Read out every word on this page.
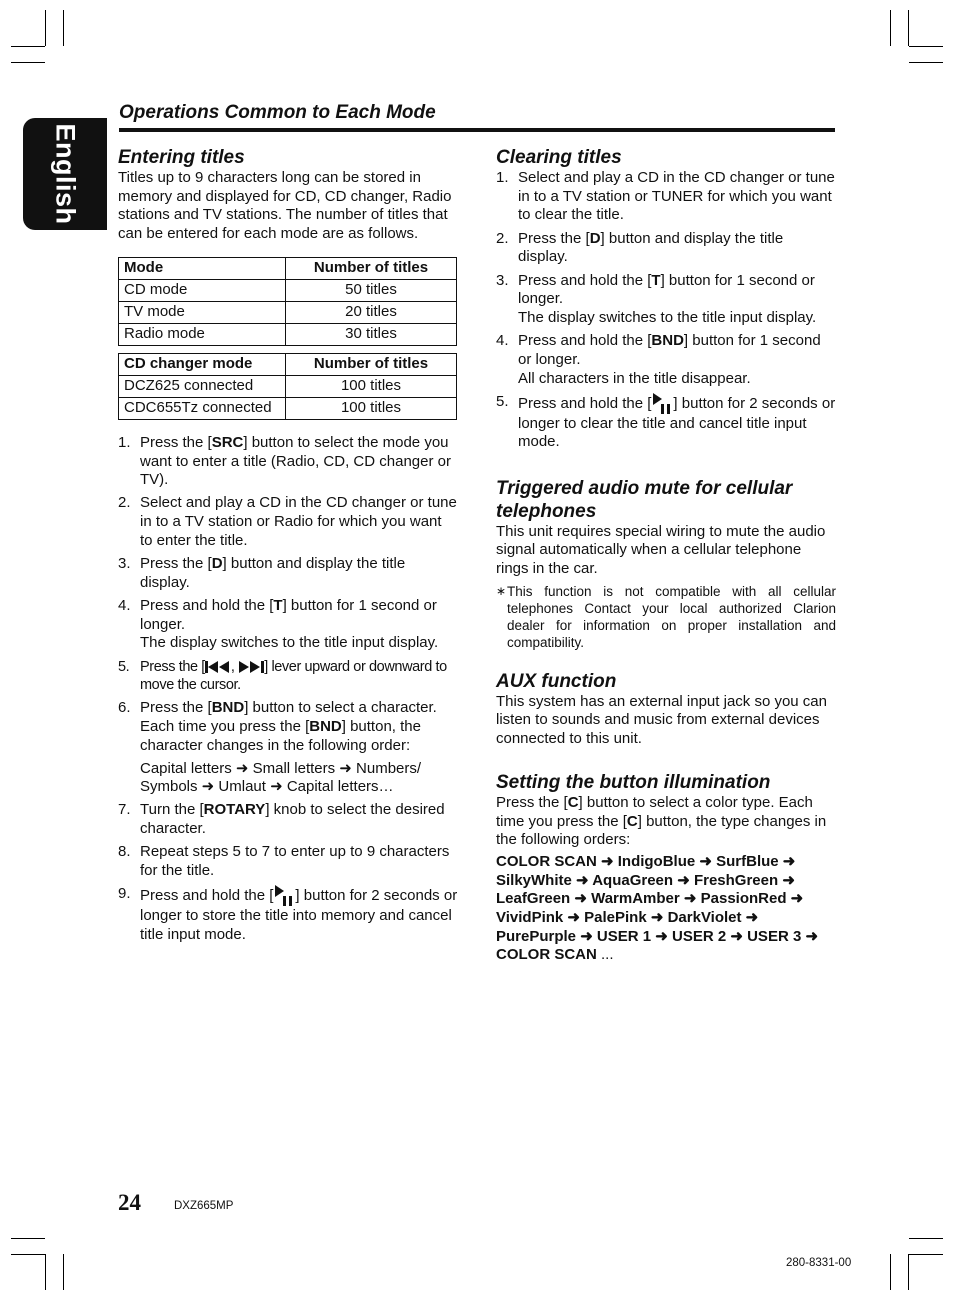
English
Operations Common to Each Mode
Entering titles

Titles up to 9 characters long can be stored in memory and displayed for CD, CD changer, Radio stations and TV stations. The number of titles that can be entered for each mode are as follows.

Mode	Number of titles
CD mode	50 titles
TV mode	20 titles
Radio mode	30 titles
CD changer mode	Number of titles
DCZ625 connected	100 titles
CDC655Tz connected	100 titles
1. Press the [SRC] button to select the mode you want to enter a title (Radio, CD, CD changer or TV).
2. Select and play a CD in the CD changer or tune in to a TV station or Radio for which you want to enter the title.
3. Press the [D] button and display the title display.
4. Press and hold the [T] button for 1 second or longer.
The display switches to the title input display.
5. Press the [ , ] lever upward or downward to move the cursor.
6. Press the [BND] button to select a character. Each time you press the [BND] button, the character changes in the following order:
Capital letters ➜ Small letters ➜ Numbers/ Symbols ➜ Umlaut ➜ Capital letters…
7. Turn the [ROTARY] knob to select the desired character.
8. Repeat steps 5 to 7 to enter up to 9 characters for the title.
9. Press and hold the [ ] button for 2 seconds or longer to store the title into memory and cancel title input mode.
Clearing titles
1. Select and play a CD in the CD changer or tune in to a TV station or TUNER for which you want to clear the title.
2. Press the [D] button and display the title display.
3. Press and hold the [T] button for 1 second or longer.
The display switches to the title input display.
4. Press and hold the [BND] button for 1 second or longer.
All characters in the title disappear.
5. Press and hold the [ ] button for 2 seconds or longer to clear the title and cancel title input mode.
Triggered audio mute for cellular telephones

This unit requires special wiring to mute the audio signal automatically when a cellular telephone rings in the car.

∗ This function is not compatible with all cellular telephones Contact your local authorized Clarion dealer for information on proper installation and compatibility.
AUX function

This system has an external input jack so you can listen to sounds and music from external devices connected to this unit.

Setting the button illumination

Press the [C] button to select a color type. Each time you press the [C] button, the type changes in the following orders:

COLOR SCAN ➜ IndigoBlue ➜ SurfBlue ➜ SilkyWhite ➜ AquaGreen ➜ FreshGreen ➜ LeafGreen ➜ WarmAmber ➜ PassionRed ➜ VividPink ➜ PalePink ➜ DarkViolet ➜ PurePurple ➜ USER 1 ➜ USER 2 ➜ USER 3 ➜ COLOR SCAN ...

24	DXZ665MP
280-8331-00
